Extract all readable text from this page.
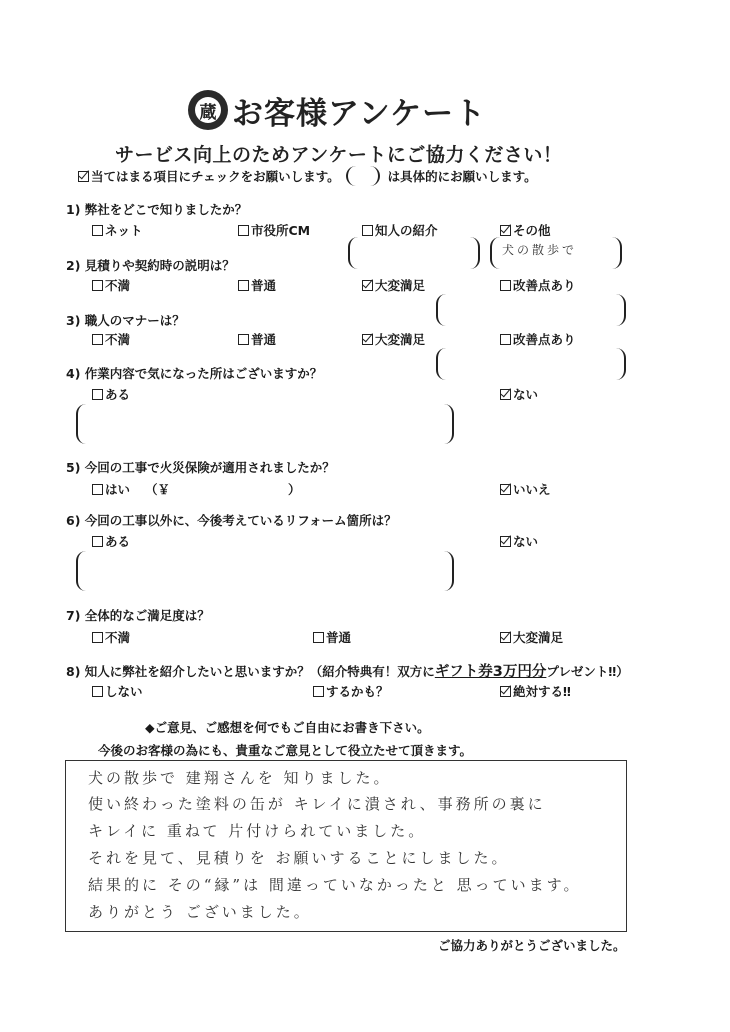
蔵 お客様アンケート
サービス向上のためアンケートにご協力ください！
当てはまる項目にチェックをお願いします。	は具体的にお願いします。
1) 弊社をどこで知りましたか？
ネット	市役所CM	知人の紹介	その他
犬の散歩で
2) 見積りや契約時の説明は？
不満	普通	大変満足	改善点あり
3) 職人のマナーは？
不満	普通	大変満足	改善点あり
4) 作業内容で気になった所はございますか？
ある	ない
5) 今回の工事で火災保険が適用されましたか？
はい （￥	）	いいえ
6) 今回の工事以外に、今後考えているリフォーム箇所は？
ある	ない
7) 全体的なご満足度は？
不満	普通	大変満足
8) 知人に弊社を紹介したいと思いますか？（紹介特典有！双方にギフト券3万円分プレゼント‼）
しない	するかも？	絶対する‼
◆ご意見、ご感想を何でもご自由にお書き下さい。
今後のお客様の為にも、貴重なご意見として役立たせて頂きます。
犬の散歩で 建翔さんを 知りました。
使い終わった塗料の缶が キレイに潰され、事務所の裏に
キレイに 重ねて 片付けられていました。
それを見て、見積りを お願いすることにしました。
結果的に その“縁”は 間違っていなかったと 思っています。
ありがとう ございました。
ご協力ありがとうございました。
